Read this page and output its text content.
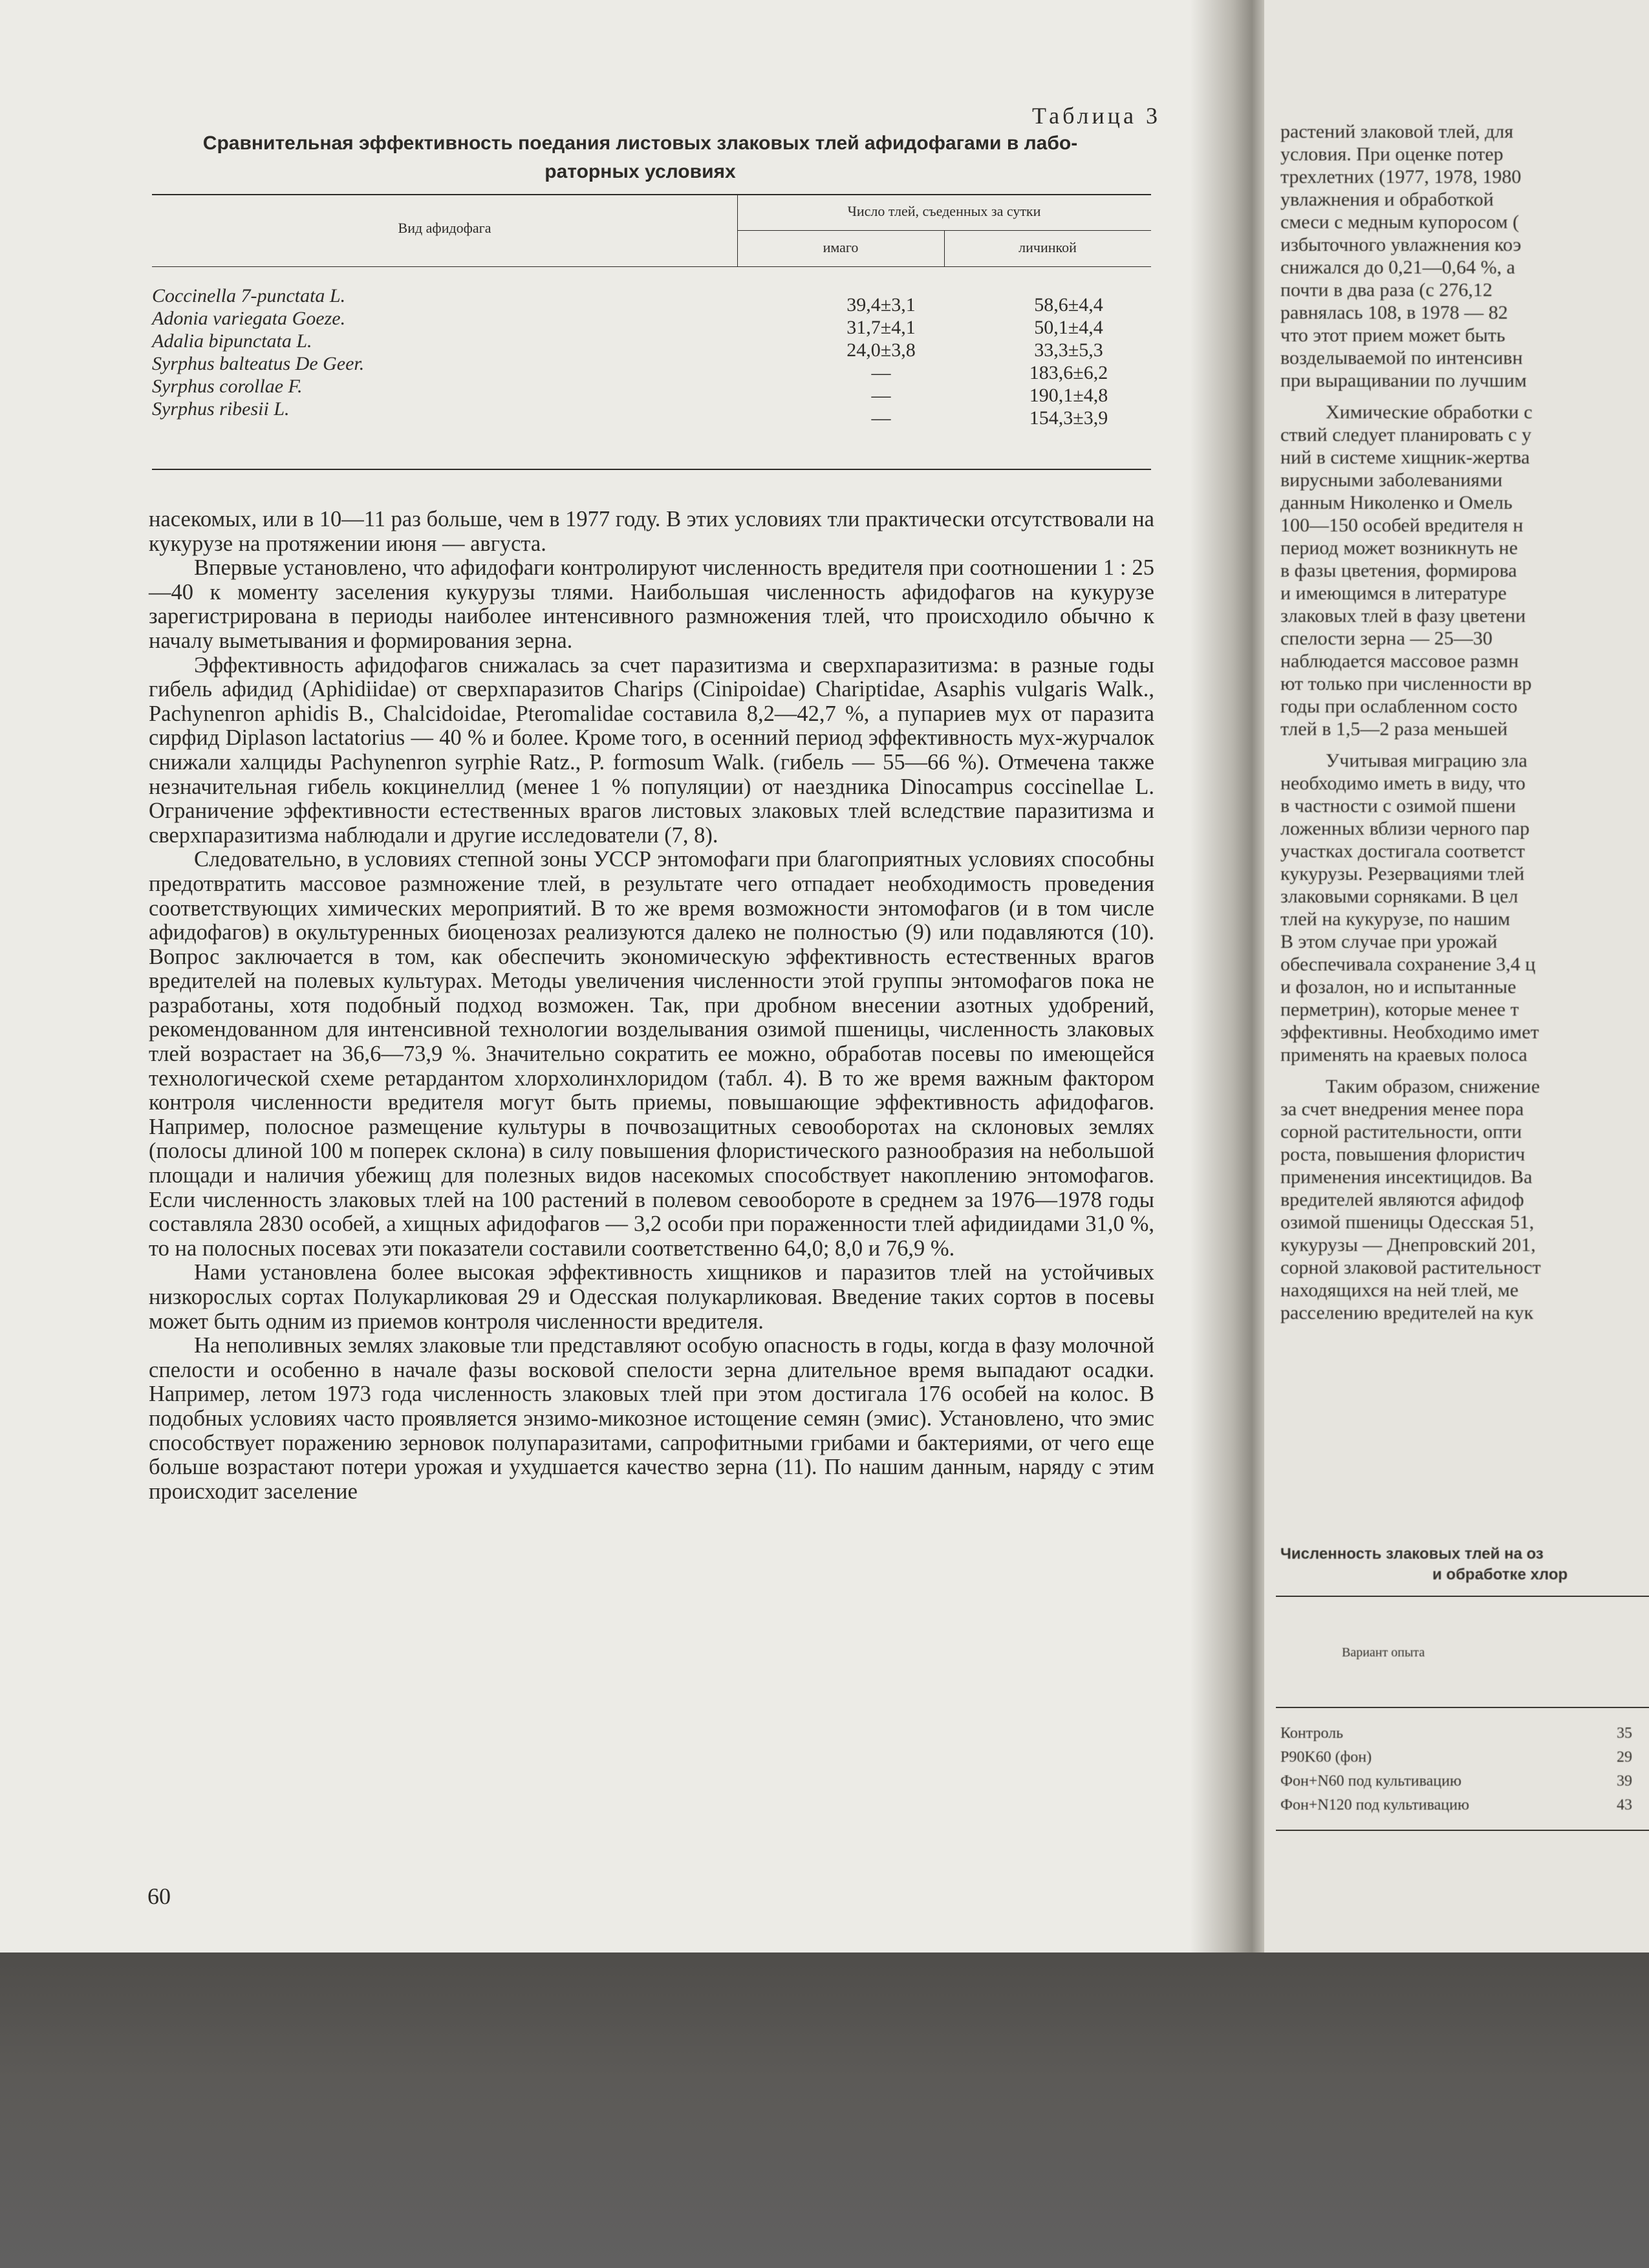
Таблица 3
Сравнительная эффективность поедания листовых злаковых тлей афидофагами в лабо-
раторных условиях
Вид афидофага
Число тлей, съеденных за сутки
имаго	личинкой
Coccinella 7-punctata L.	39,4±3,1	58,6±4,4
Adonia variegata Goeze.	31,7±4,1	50,1±4,4
Adalia bipunctata L.	24,0±3,8	33,3±5,3
Syrphus balteatus De Geer.	—	183,6±6,2
Syrphus corollae F.	—	190,1±4,8
Syrphus ribesii L.	—	154,3±3,9

насекомых, или в 10—11 раз больше, чем в 1977 году. В этих условиях тли практически отсутствовали на кукурузе на протяжении июня — августа.

Впервые установлено, что афидофаги контролируют численность вредителя при соотношении 1 : 25—40 к моменту заселения кукурузы тлями. Наибольшая численность афидофагов на кукурузе зарегистрирована в периоды наиболее интенсивного размножения тлей, что происходило обычно к началу выметывания и формирования зерна.

Эффективность афидофагов снижалась за счет паразитизма и сверхпаразитизма: в разные годы гибель афидид (Aphidiidae) от сверхпаразитов Charips (Cinipoidae) Chariptidae, Asaphis vulgaris Walk., Pachynenron aphidis B., Chalcidoidae, Pteromalidae составила 8,2—42,7 %, а пупариев мух от паразита сирфид Diplason lactatorius — 40 % и более. Кроме того, в осенний период эффективность мух-журчалок снижали халциды Pachynenron syrphie Ratz., P. formosum Walk. (гибель — 55—66 %). Отмечена также незначительная гибель кокцинеллид (менее 1 % популяции) от наездника Dinocampus coccinellae L. Ограничение эффективности естественных врагов листовых злаковых тлей вследствие паразитизма и сверхпаразитизма наблюдали и другие исследователи (7, 8).

Следовательно, в условиях степной зоны УССР энтомофаги при благоприятных условиях способны предотвратить массовое размножение тлей, в результате чего отпадает необходимость проведения соответствующих химических мероприятий. В то же время возможности энтомофагов (и в том числе афидофагов) в окультуренных биоценозах реализуются далеко не полностью (9) или подавляются (10). Вопрос заключается в том, как обеспечить экономическую эффективность естественных врагов вредителей на полевых культурах. Методы увеличения численности этой группы энтомофагов пока не разработаны, хотя подобный подход возможен. Так, при дробном внесении азотных удобрений, рекомендованном для интенсивной технологии возделывания озимой пшеницы, численность злаковых тлей возрастает на 36,6—73,9 %. Значительно сократить ее можно, обработав посевы по имеющейся технологической схеме ретардантом хлорхолинхлоридом (табл. 4). В то же время важным фактором контроля численности вредителя могут быть приемы, повышающие эффективность афидофагов. Например, полосное размещение культуры в почвозащитных севооборотах на склоновых землях (полосы длиной 100 м поперек склона) в силу повышения флористического разнообразия на небольшой площади и наличия убежищ для полезных видов насекомых способствует накоплению энтомофагов. Если численность злаковых тлей на 100 растений в полевом севообороте в среднем за 1976—1978 годы составляла 2830 особей, а хищных афидофагов — 3,2 особи при пораженности тлей афидиидами 31,0 %, то на полосных посевах эти показатели составили соответственно 64,0; 8,0 и 76,9 %.

Нами установлена более высокая эффективность хищников и паразитов тлей на устойчивых низкорослых сортах Полукарликовая 29 и Одесская полукарликовая. Введение таких сортов в посевы может быть одним из приемов контроля численности вредителя.

На неполивных землях злаковые тли представляют особую опасность в годы, когда в фазу молочной спелости и особенно в начале фазы восковой спелости зерна длительное время выпадают осадки. Например, летом 1973 года численность злаковых тлей при этом достигала 176 особей на колос. В подобных условиях часто проявляется энзимо-микозное истощение семян (эмис). Установлено, что эмис способствует поражению зерновок полупаразитами, сапрофитными грибами и бактериями, от чего еще больше возрастают потери урожая и ухудшается качество зерна (11). По нашим данным, наряду с этим происходит заселение

60
растений злаковой тлей, для
условия. При оценке потер
трехлетних (1977, 1978, 1980
увлажнения и обработкой
смеси с медным купоросом (
избыточного увлажнения коэ
снижался до 0,21—0,64 %, а
почти в два раза (с 276,12
равнялась 108, в 1978 — 82
что этот прием может быть
возделываемой по интенсивн
при выращивании по лучшим
Химические обработки с
ствий следует планировать с у
ний в системе хищник-жертва
вирусными заболеваниями
данным Николенко и Омель
100—150 особей вредителя н
период может возникнуть не
в фазы цветения, формирова
и имеющимся в литературе
злаковых тлей в фазу цветени
спелости зерна — 25—30
наблюдается массовое размн
ют только при численности вр
годы при ослабленном состо
тлей в 1,5—2 раза меньшей
Учитывая миграцию зла
необходимо иметь в виду, что
в частности с озимой пшени
ложенных вблизи черного пар
участках достигала соответст
кукурузы. Резервациями тлей
злаковыми сорняками. В цел
тлей на кукурузе, по нашим
В этом случае при урожай
обеспечивала сохранение 3,4 ц
и фозалон, но и испытанные
перметрин), которые менее т
эффективны. Необходимо имет
применять на краевых полоса
Таким образом, снижение
за счет внедрения менее пора
сорной растительности, опти
роста, повышения флористич
применения инсектицидов. Ва
вредителей являются афидоф
озимой пшеницы Одесская 51,
кукурузы — Днепровский 201,
сорной злаковой растительност
находящихся на ней тлей, ме
расселению вредителей на кук
Численность злаковых тлей на оз
и обработке хлор
Вариант опыта
Контроль	35
P90K60 (фон)	29
Фон+N60 под культивацию	39
Фон+N120 под культивацию	43
